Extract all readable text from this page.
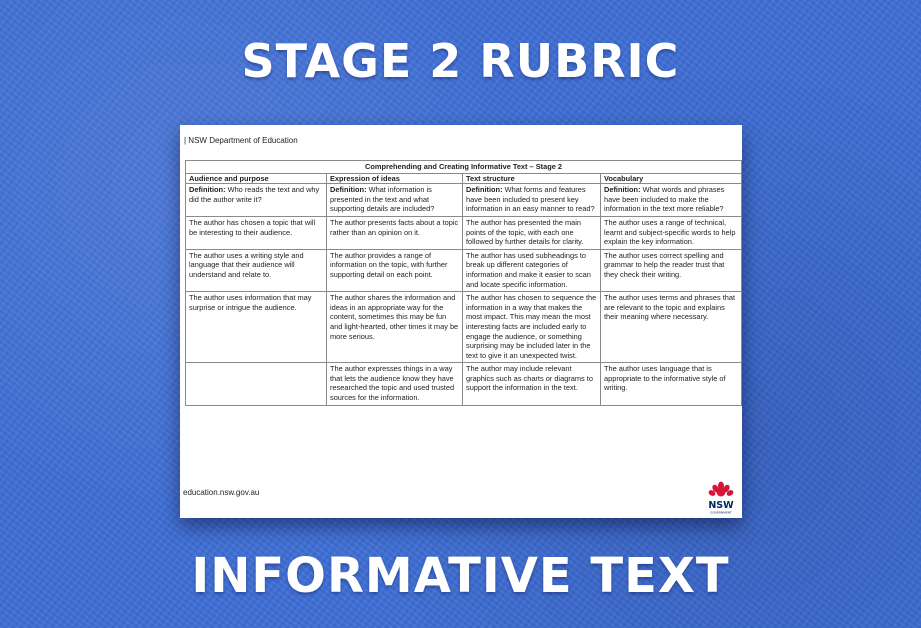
STAGE 2 RUBRIC
| NSW Department of Education
Comprehending and Creating Informative Text – Stage 2			
Audience and purpose	Expression of ideas	Text structure	Vocabulary
Definition: Who reads the text and why did the author write it?	Definition: What information is presented in the text and what supporting details are included?	Definition: What forms and features have been included to present key information in an easy manner to read?	Definition: What words and phrases have been included to make the information in the text more reliable?
The author has chosen a topic that will be interesting to their audience.	The author presents facts about a topic rather than an opinion on it.	The author has presented the main points of the topic, with each one followed by further details for clarity.	The author uses a range of technical, learnt and subject-specific words to help explain the key information.
The author uses a writing style and language that their audience will understand and relate to.	The author provides a range of information on the topic, with further supporting detail on each point.	The author has used subheadings to break up different categories of information and make it easier to scan and locate specific information.	The author uses correct spelling and grammar to help the reader trust that they check their writing.
The author uses information that may surprise or intrigue the audience.	The author shares the information and ideas in an appropriate way for the content, sometimes this may be fun and light-hearted, other times it may be more serious.	The author has chosen to sequence the information in a way that makes the most impact. This may mean the most interesting facts are included early to engage the audience, or something surprising may be included later in the text to give it an unexpected twist.	The author uses terms and phrases that are relevant to the topic and explains their meaning where necessary.
	The author expresses things in a way that lets the audience know they have researched the topic and used trusted sources for the information.	The author may include relevant graphics such as charts or diagrams to support the information in the text.	The author uses language that is appropriate to the informative style of writing.
education.nsw.gov.au
NSW
GOVERNMENT
INFORMATIVE TEXT
